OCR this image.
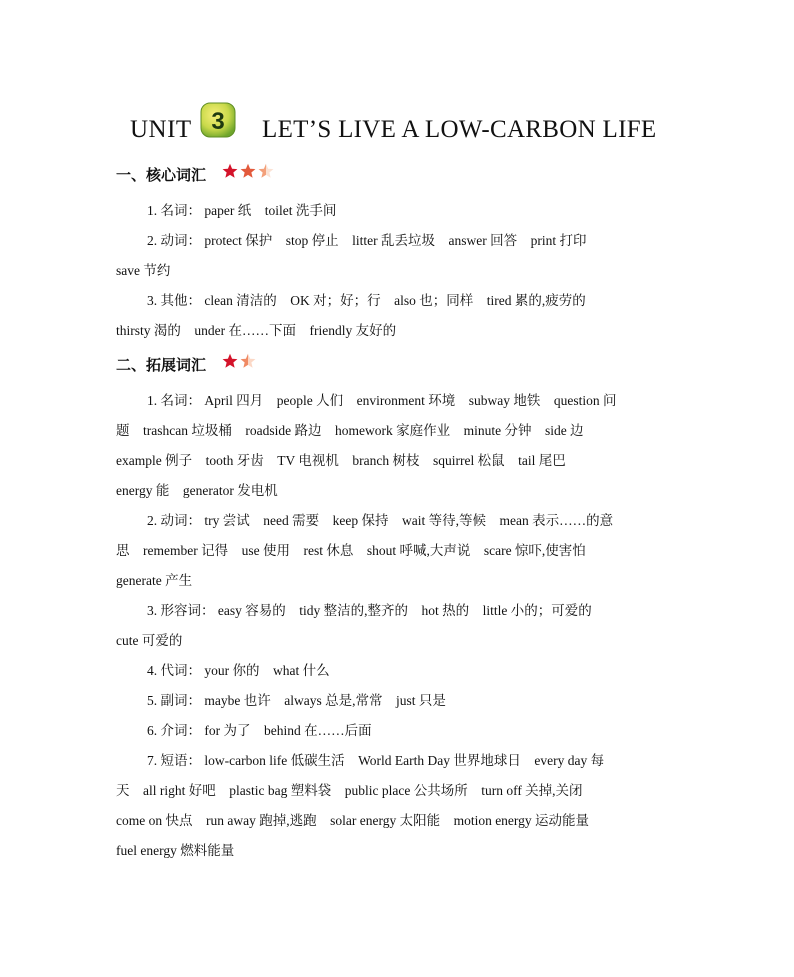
UNIT 3 LET’S LIVE A LOW-CARBON LIFE
一、核心词汇
1. 名词： paper 纸　toilet 洗手间
2. 动词： protect 保护　stop 停止　litter 乱丢垃圾　answer 回答　print 打印
save 节约
3. 其他： clean 清洁的　OK 对；好；行　also 也；同样　tired 累的,疲劳的
thirsty 渴的　under 在……下面　friendly 友好的
二、拓展词汇
1. 名词： April 四月　people 人们　environment 环境　subway 地铁　question 问
题　trashcan 垃圾桶　roadside 路边　homework 家庭作业　minute 分钟　side 边
example 例子　tooth 牙齿　TV 电视机　branch 树枝　squirrel 松鼠　tail 尾巴
energy 能　generator 发电机
2. 动词： try 尝试　need 需要　keep 保持　wait 等待,等候　mean 表示……的意
思　remember 记得　use 使用　rest 休息　shout 呼喊,大声说　scare 惊吓,使害怕
generate 产生
3. 形容词： easy 容易的　tidy 整洁的,整齐的　hot 热的　little 小的；可爱的
cute 可爱的
4. 代词： your 你的　what 什么
5. 副词： maybe 也许　always 总是,常常　just 只是
6. 介词： for 为了　behind 在……后面
7. 短语： low-carbon life 低碳生活　World Earth Day 世界地球日　every day 每
天　all right 好吧　plastic bag 塑料袋　public place 公共场所　turn off 关掉,关闭
come on 快点　run away 跑掉,逃跑　solar energy 太阳能　motion energy 运动能量
fuel energy 燃料能量
